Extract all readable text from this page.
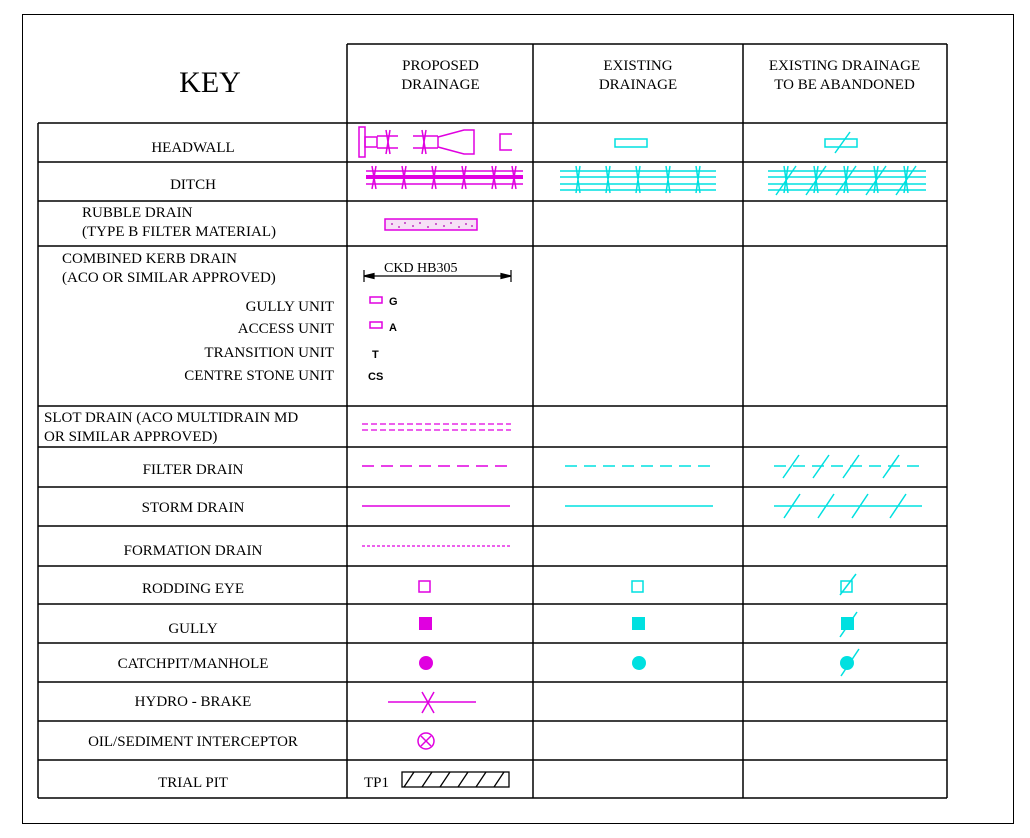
KEY	PROPOSED
DRAINAGE
EXISTING
DRAINAGE
EXISTING DRAINAGE
TO BE ABANDONED
HEADWALL
DITCH
RUBBLE DRAIN
(TYPE B FILTER MATERIAL)
COMBINED KERB DRAIN
(ACO OR SIMILAR APPROVED)
GULLY UNIT
ACCESS UNIT
TRANSITION UNIT
CENTRE STONE UNIT
SLOT DRAIN (ACO MULTIDRAIN MD
OR SIMILAR APPROVED)
FILTER DRAIN
STORM DRAIN
FORMATION DRAIN
RODDING EYE
GULLY
CATCHPIT/MANHOLE
HYDRO - BRAKE
OIL/SEDIMENT INTERCEPTOR
TRIAL PIT
CKD HB305
G
A
T
CS
TP1
